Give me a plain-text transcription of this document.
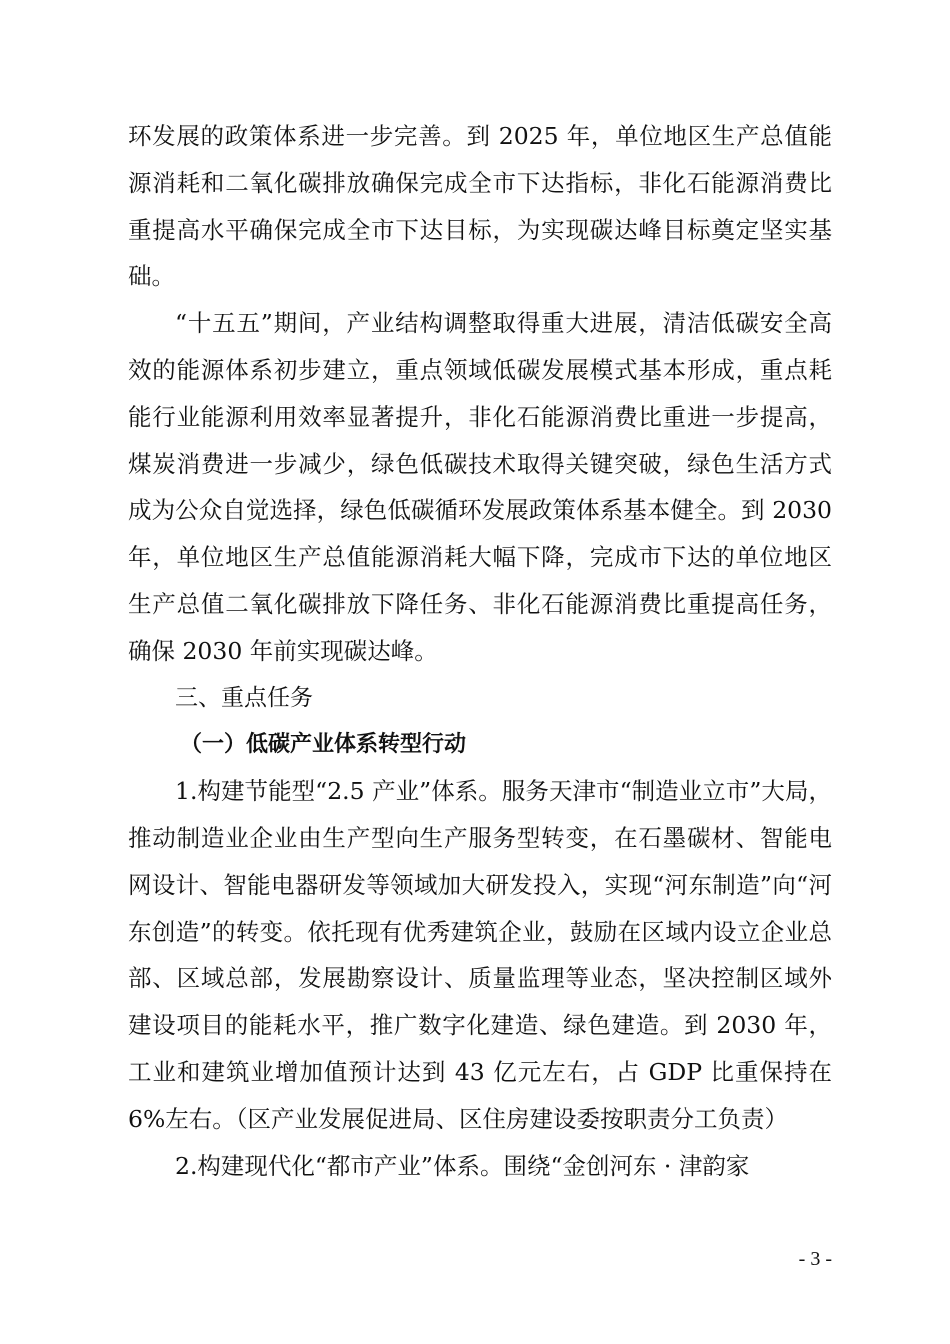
环发展的政策体系进一步完善。到 2025 年，单位地区生产总值能源消耗和二氧化碳排放确保完成全市下达指标，非化石能源消费比重提高水平确保完成全市下达目标，为实现碳达峰目标奠定坚实基础。

“十五五”期间，产业结构调整取得重大进展，清洁低碳安全高效的能源体系初步建立，重点领域低碳发展模式基本形成，重点耗能行业能源利用效率显著提升，非化石能源消费比重进一步提高，煤炭消费进一步减少，绿色低碳技术取得关键突破，绿色生活方式成为公众自觉选择，绿色低碳循环发展政策体系基本健全。到 2030 年，单位地区生产总值能源消耗大幅下降，完成市下达的单位地区生产总值二氧化碳排放下降任务、非化石能源消费比重提高任务，确保 2030 年前实现碳达峰。

三、重点任务
（一）低碳产业体系转型行动

1.构建节能型“2.5 产业”体系。服务天津市“制造业立市”大局，推动制造业企业由生产型向生产服务型转变，在石墨碳材、智能电网设计、智能电器研发等领域加大研发投入，实现“河东制造”向“河东创造”的转变。依托现有优秀建筑企业，鼓励在区域内设立企业总部、区域总部，发展勘察设计、质量监理等业态，坚决控制区域外建设项目的能耗水平，推广数字化建造、绿色建造。到 2030 年，工业和建筑业增加值预计达到 43 亿元左右，占 GDP 比重保持在 6%左右。（区产业发展促进局、区住房建设委按职责分工负责）

2.构建现代化“都市产业”体系。围绕“金创河东 · 津韵家

- 3 -
